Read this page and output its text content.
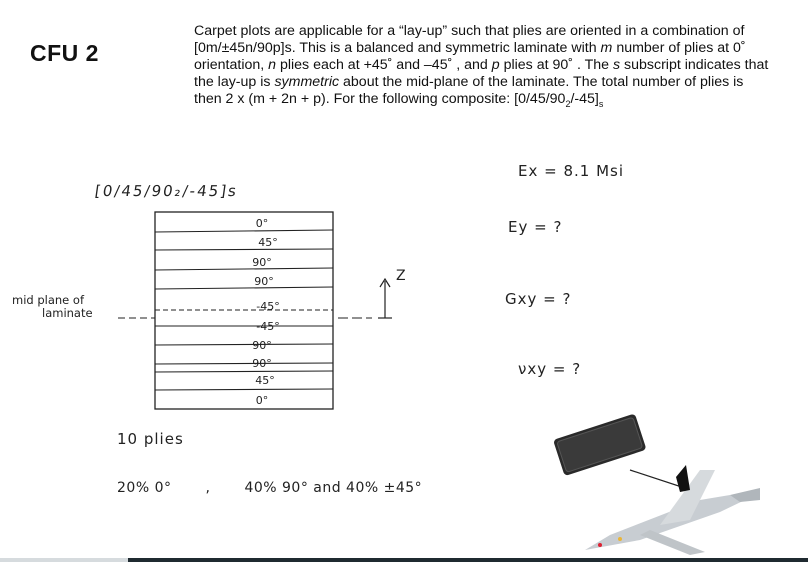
CFU 2
Carpet plots are applicable for a “lay-up” such that plies are oriented in a combination of [0m/±45n/90p]s. This is a balanced and symmetric laminate with m number of plies at 0˚ orientation, n plies each at +45˚ and –45˚ , and p plies at 90˚ . The s subscript indicates that the lay-up is symmetric about the mid-plane of the laminate. The total number of plies is then 2 x (m + 2n + p). For the following composite: $[0/45/90_2/-45]_s$
[0/45/90₂/-45]s
0°
45°
90°
90°
-45°
-45°
90°
90°
45°
0°
mid plane of
laminate
Z
Ex = 8.1 Msi
Ey = ?
Gxy = ?
νxy = ?
10 plies
20% 0° , 40% 90° and 40% ±45°
